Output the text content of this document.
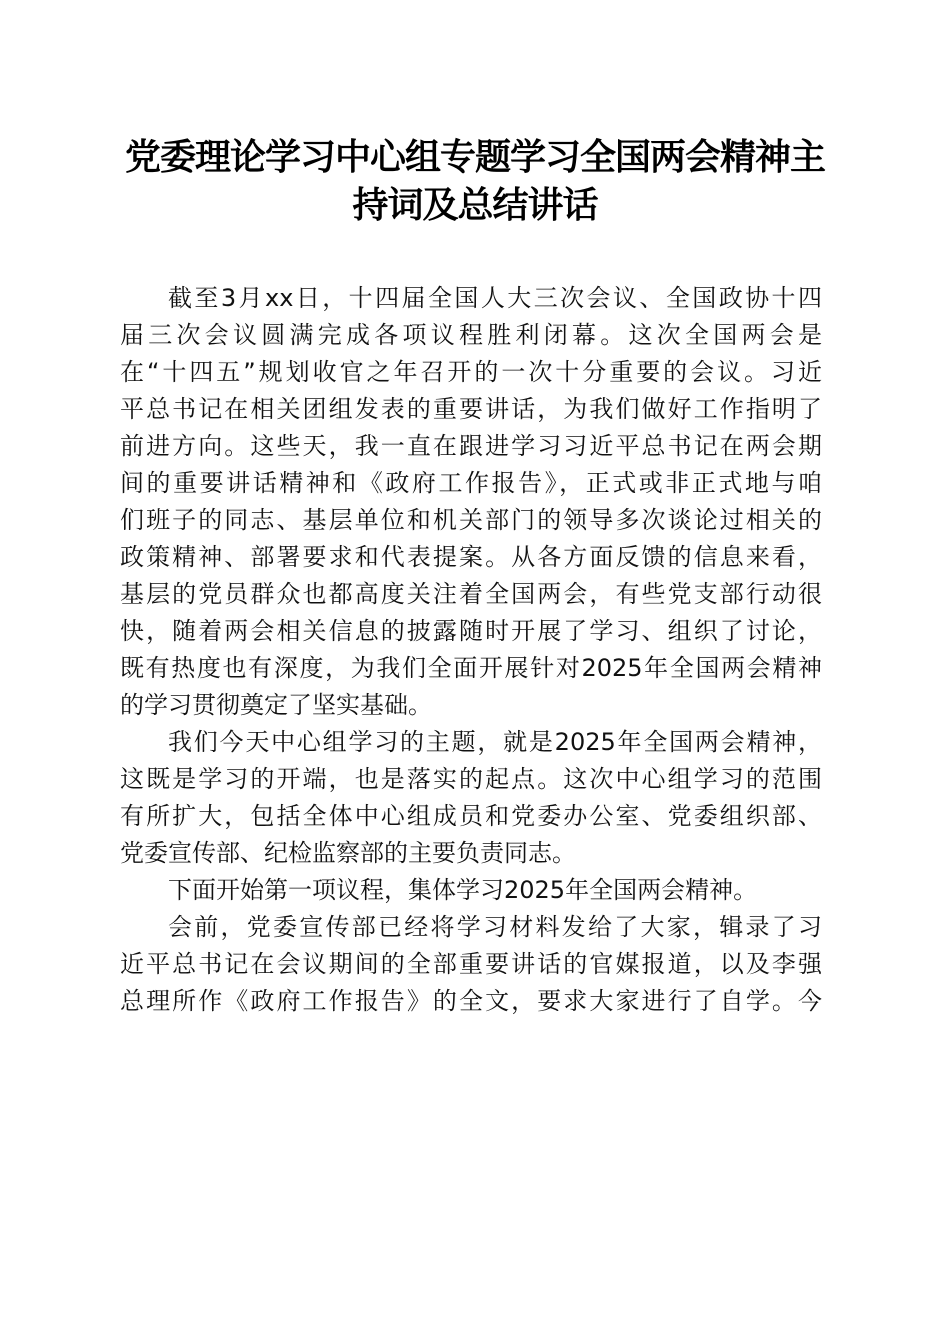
党委理论学习中心组专题学习全国两会精神主
持词及总结讲话
截至3月xx日，十四届全国人大三次会议、全国政协十四
届三次会议圆满完成各项议程胜利闭幕。这次全国两会是
在“十四五”规划收官之年召开的一次十分重要的会议。习近
平总书记在相关团组发表的重要讲话，为我们做好工作指明了
前进方向。这些天，我一直在跟进学习习近平总书记在两会期
间的重要讲话精神和《政府工作报告》，正式或非正式地与咱
们班子的同志、基层单位和机关部门的领导多次谈论过相关的
政策精神、部署要求和代表提案。从各方面反馈的信息来看，
基层的党员群众也都高度关注着全国两会，有些党支部行动很
快，随着两会相关信息的披露随时开展了学习、组织了讨论，
既有热度也有深度，为我们全面开展针对2025年全国两会精神
的学习贯彻奠定了坚实基础。
我们今天中心组学习的主题，就是2025年全国两会精神，
这既是学习的开端，也是落实的起点。这次中心组学习的范围
有所扩大，包括全体中心组成员和党委办公室、党委组织部、
党委宣传部、纪检监察部的主要负责同志。
下面开始第一项议程，集体学习2025年全国两会精神。
会前，党委宣传部已经将学习材料发给了大家，辑录了习
近平总书记在会议期间的全部重要讲话的官媒报道，以及李强
总理所作《政府工作报告》的全文，要求大家进行了自学。今
